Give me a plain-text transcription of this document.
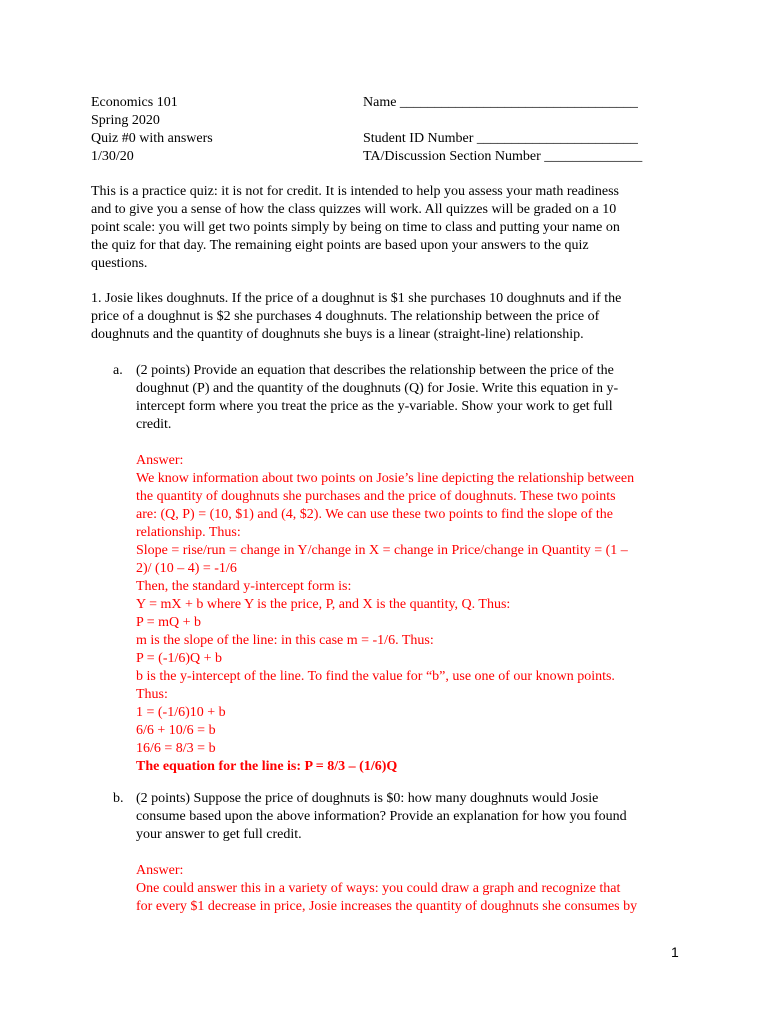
Economics 101
Spring 2020
Quiz #0 with answers
1/30/20
Name __________________________________
Student ID Number _______________________
TA/Discussion Section Number ______________
This is a practice quiz: it is not for credit. It is intended to help you assess your math readiness
and to give you a sense of how the class quizzes will work. All quizzes will be graded on a 10
point scale: you will get two points simply by being on time to class and putting your name on
the quiz for that day. The remaining eight points are based upon your answers to the quiz
questions.
1. Josie likes doughnuts. If the price of a doughnut is $1 she purchases 10 doughnuts and if the
price of a doughnut is $2 she purchases 4 doughnuts. The relationship between the price of
doughnuts and the quantity of doughnuts she buys is a linear (straight-line) relationship.
a. (2 points) Provide an equation that describes the relationship between the price of the
doughnut (P) and the quantity of the doughnuts (Q) for Josie. Write this equation in y-
intercept form where you treat the price as the y-variable. Show your work to get full
credit.
Answer:
We know information about two points on Josie’s line depicting the relationship between
the quantity of doughnuts she purchases and the price of doughnuts. These two points
are: (Q, P) = (10, $1) and (4, $2). We can use these two points to find the slope of the
relationship. Thus:
Slope = rise/run = change in Y/change in X = change in Price/change in Quantity = (1 –
2)/ (10 – 4) = -1/6
Then, the standard y-intercept form is:
Y = mX + b where Y is the price, P, and X is the quantity, Q. Thus:
P = mQ + b
m is the slope of the line: in this case m = -1/6. Thus:
P = (-1/6)Q + b
b is the y-intercept of the line. To find the value for “b”, use one of our known points.
Thus:
1 = (-1/6)10 + b
6/6 + 10/6 = b
16/6 = 8/3 = b
The equation for the line is: P = 8/3 – (1/6)Q
b. (2 points) Suppose the price of doughnuts is $0: how many doughnuts would Josie
consume based upon the above information? Provide an explanation for how you found
your answer to get full credit.
Answer:
One could answer this in a variety of ways: you could draw a graph and recognize that
for every $1 decrease in price, Josie increases the quantity of doughnuts she consumes by
1
